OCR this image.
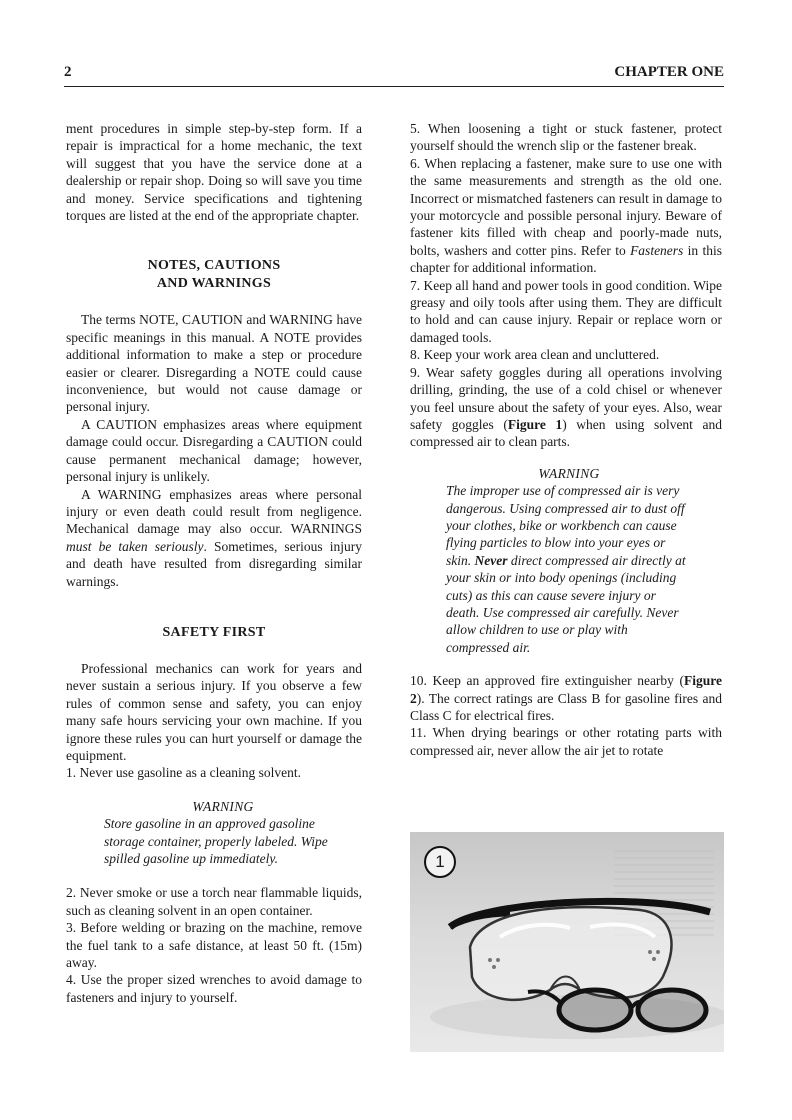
2	CHAPTER ONE

ment procedures in simple step-by-step form. If a repair is impractical for a home mechanic, the text will suggest that you have the service done at a dealership or repair shop. Doing so will save you time and money. Service specifications and tightening torques are listed at the end of the appropriate chapter.

NOTES, CAUTIONS
AND WARNINGS

The terms NOTE, CAUTION and WARNING have specific meanings in this manual. A NOTE provides additional information to make a step or procedure easier or clearer. Disregarding a NOTE could cause inconvenience, but would not cause damage or personal injury.

A CAUTION emphasizes areas where equipment damage could occur. Disregarding a CAUTION could cause permanent mechanical damage; however, personal injury is unlikely.

A WARNING emphasizes areas where personal injury or even death could result from negligence. Mechanical damage may also occur. WARNINGS must be taken seriously. Sometimes, serious injury and death have resulted from disregarding similar warnings.

SAFETY FIRST

Professional mechanics can work for years and never sustain a serious injury. If you observe a few rules of common sense and safety, you can enjoy many safe hours servicing your own machine. If you ignore these rules you can hurt yourself or damage the equipment.

1. Never use gasoline as a cleaning solvent.

WARNING
Store gasoline in an approved gasoline storage container, properly labeled. Wipe spilled gasoline up immediately.

2. Never smoke or use a torch near flammable liquids, such as cleaning solvent in an open container.

3. Before welding or brazing on the machine, remove the fuel tank to a safe distance, at least 50 ft. (15m) away.

4. Use the proper sized wrenches to avoid damage to fasteners and injury to yourself.

5. When loosening a tight or stuck fastener, protect yourself should the wrench slip or the fastener break.

6. When replacing a fastener, make sure to use one with the same measurements and strength as the old one. Incorrect or mismatched fasteners can result in damage to your motorcycle and possible personal injury. Beware of fastener kits filled with cheap and poorly-made nuts, bolts, washers and cotter pins. Refer to Fasteners in this chapter for additional information.

7. Keep all hand and power tools in good condition. Wipe greasy and oily tools after using them. They are difficult to hold and can cause injury. Repair or replace worn or damaged tools.

8. Keep your work area clean and uncluttered.

9. Wear safety goggles during all operations involving drilling, grinding, the use of a cold chisel or whenever you feel unsure about the safety of your eyes. Also, wear safety goggles (Figure 1) when using solvent and compressed air to clean parts.

WARNING
The improper use of compressed air is very dangerous. Using compressed air to dust off your clothes, bike or workbench can cause flying particles to blow into your eyes or skin. Never direct compressed air directly at your skin or into body openings (including cuts) as this can cause severe injury or death. Use compressed air carefully. Never allow children to use or play with compressed air.

10. Keep an approved fire extinguisher nearby (Figure 2). The correct ratings are Class B for gasoline fires and Class C for electrical fires.

11. When drying bearings or other rotating parts with compressed air, never allow the air jet to rotate

1
